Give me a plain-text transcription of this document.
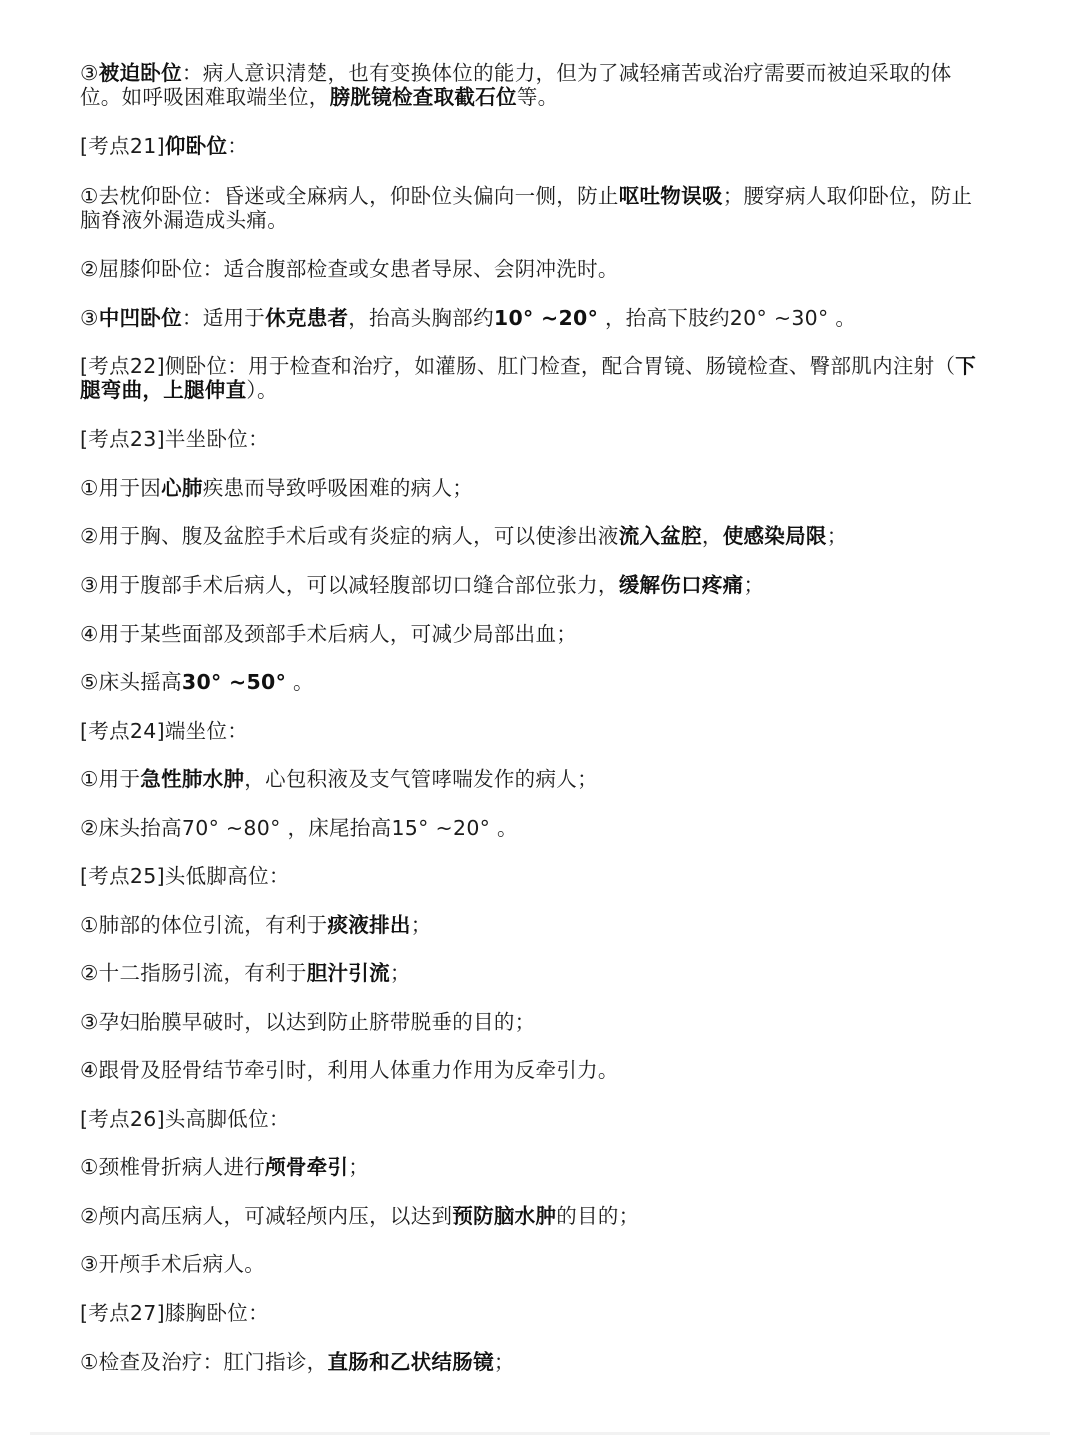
③被迫卧位：病人意识清楚，也有变换体位的能力，但为了减轻痛苦或治疗需要而被迫采取的体位。如呼吸困难取端坐位，膀胱镜检查取截石位等。
[考点21]仰卧位：
①去枕仰卧位：昏迷或全麻病人，仰卧位头偏向一侧，防止呕吐物误吸；腰穿病人取仰卧位，防止脑脊液外漏造成头痛。
②屈膝仰卧位：适合腹部检查或女患者导尿、会阴冲洗时。
③中凹卧位：适用于休克患者，抬高头胸部约10° ~20° ，抬高下肢约20° ~30° 。
[考点22]侧卧位：用于检查和治疗，如灌肠、肛门检查，配合胃镜、肠镜检查、臀部肌内注射（下腿弯曲，上腿伸直）。
[考点23]半坐卧位：
①用于因心肺疾患而导致呼吸困难的病人；
②用于胸、腹及盆腔手术后或有炎症的病人，可以使渗出液流入盆腔，使感染局限；
③用于腹部手术后病人，可以减轻腹部切口缝合部位张力，缓解伤口疼痛；
④用于某些面部及颈部手术后病人，可减少局部出血；
⑤床头摇高30° ~50° 。
[考点24]端坐位：
①用于急性肺水肿，心包积液及支气管哮喘发作的病人；
②床头抬高70° ~80° ，床尾抬高15° ~20° 。
[考点25]头低脚高位：
①肺部的体位引流，有利于痰液排出；
②十二指肠引流，有利于胆汁引流；
③孕妇胎膜早破时，以达到防止脐带脱垂的目的；
④跟骨及胫骨结节牵引时，利用人体重力作用为反牵引力。
[考点26]头高脚低位：
①颈椎骨折病人进行颅骨牵引；
②颅内高压病人，可减轻颅内压，以达到预防脑水肿的目的；
③开颅手术后病人。
[考点27]膝胸卧位：
①检查及治疗：肛门指诊，直肠和乙状结肠镜；
